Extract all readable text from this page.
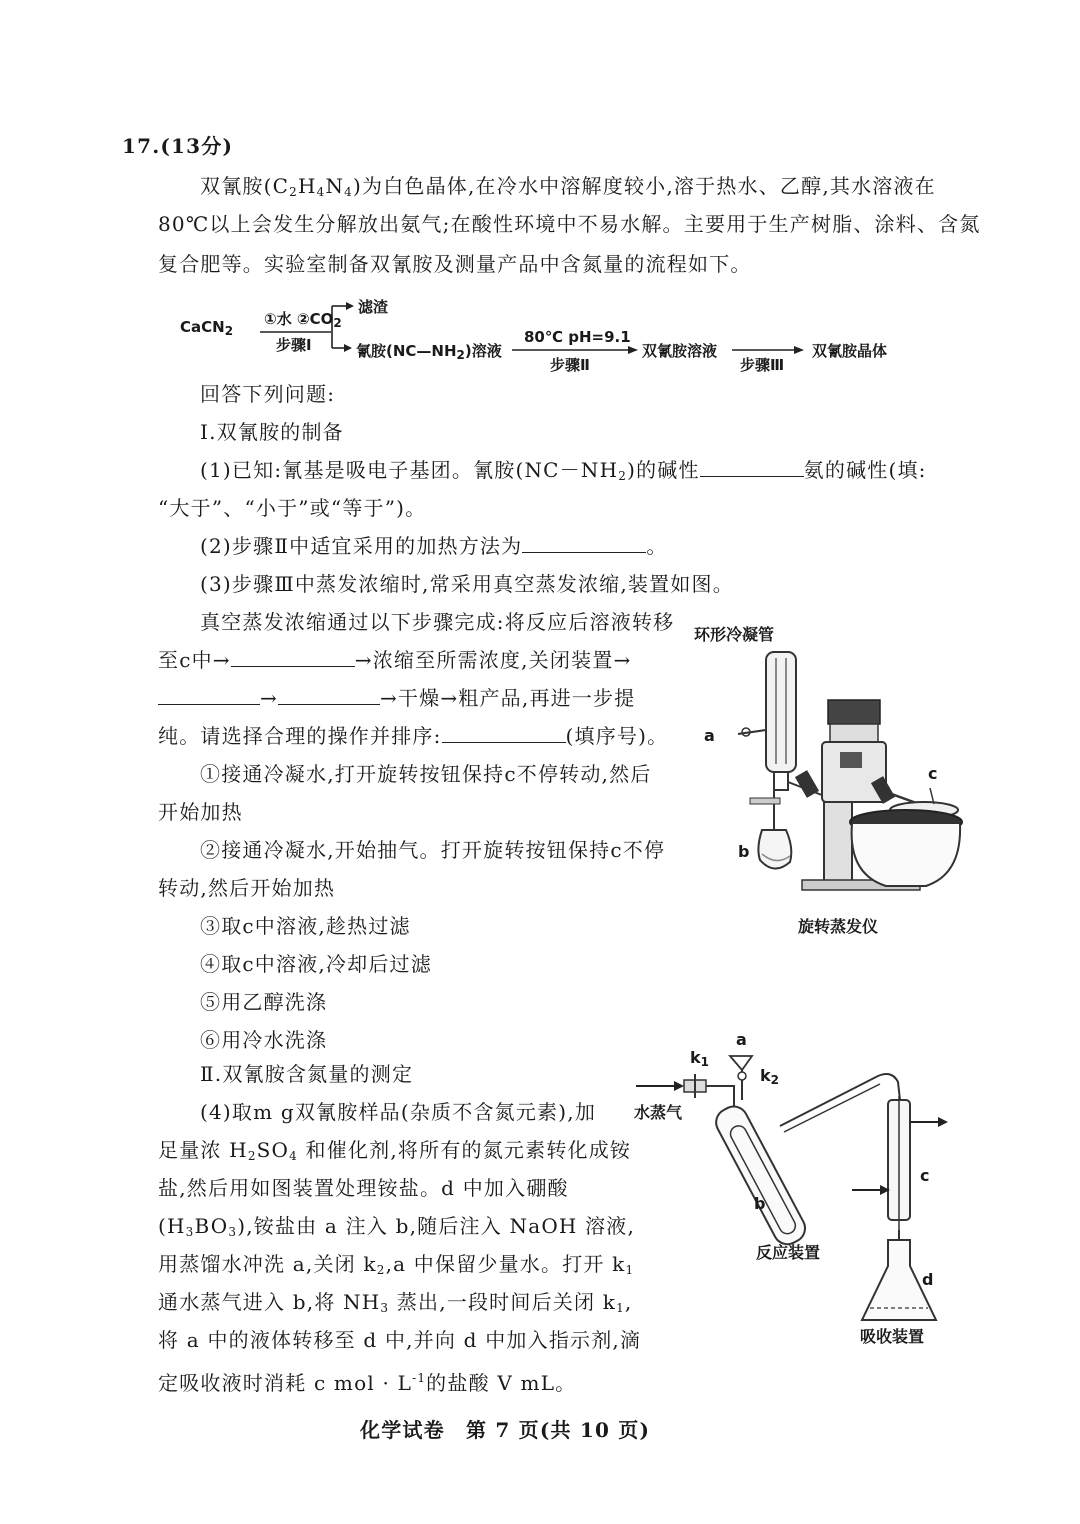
17.(13分)
双氰胺$(C_2H_4N_4)$为白色晶体,在冷水中溶解度较小,溶于热水、乙醇,其水溶液在
80℃以上会发生分解放出氨气;在酸性环境中不易水解。主要用于生产树脂、涂料、含氮
复合肥等。实验室制备双氰胺及测量产品中含氮量的流程如下。
CaCN$_2$
①水 $②CO_2$
步骤Ⅰ
滤渣
氰胺$(NC—NH_2)$溶液
80℃ pH=9.1
步骤Ⅱ
双氰胺溶液
步骤Ⅲ
双氰胺晶体
回答下列问题:
Ⅰ.双氰胺的制备
(1)已知:氰基是吸电子基团。氰胺$(NC-NH_2)$的碱性	氨的碱性(填:
“大于”、“小于”或“等于”)。
(2)步骤Ⅱ中适宜采用的加热方法为	。
(3)步骤Ⅲ中蒸发浓缩时,常采用真空蒸发浓缩,装置如图。
真空蒸发浓缩通过以下步骤完成:将反应后溶液转移
至c中→	→浓缩至所需浓度,关闭装置→
→	→干燥→粗产品,再进一步提
纯。请选择合理的操作并排序:	(填序号)。
①接通冷凝水,打开旋转按钮保持c不停转动,然后
开始加热
②接通冷凝水,开始抽气。打开旋转按钮保持c不停
转动,然后开始加热
③取c中溶液,趁热过滤
④取c中溶液,冷却后过滤
⑤用乙醇洗涤
⑥用冷水洗涤
Ⅱ.双氰胺含氮量的测定
(4)取m g双氰胺样品(杂质不含氮元素),加
足量浓 $H_2SO_4$ 和催化剂,将所有的氮元素转化成铵
盐,然后用如图装置处理铵盐。d 中加入硼酸
$(H_3BO_3)$,铵盐由 a 注入 b,随后注入 NaOH 溶液,
用蒸馏水冲洗 a,关闭 $k_2,a$ 中保留少量水。打开 $k_1$
通水蒸气进入 b,将 $NH_3$ 蒸出,一段时间后关闭 $k_1$,
将 a 中的液体转移至 d 中,并向 d 中加入指示剂,滴
定吸收液时消耗 c mol · $L^{-1}$的盐酸 V mL。
环形冷凝管
a
b
c
旋转蒸发仪
$k_1$
a
$k_2$
水蒸气
b
c
d
反应装置
吸收装置
化学试卷　第 7 页(共 10 页)
